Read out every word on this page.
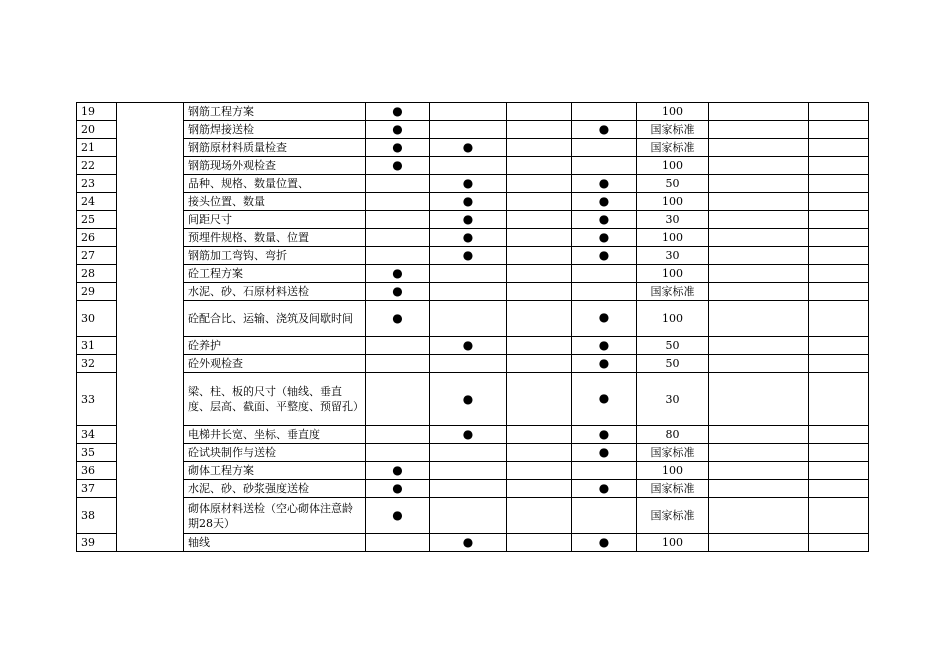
19		钢筋工程方案	●				100		
20		钢筋焊接送检	●			●	国家标准		
21		钢筋原材料质量检查	●	●			国家标准		
22		钢筋现场外观检查	●				100		
23		品种、规格、数量位置、		●		●	50		
24		接头位置、数量		●		●	100		
25		间距尺寸		●		●	30		
26		预埋件规格、数量、位置		●		●	100		
27		钢筋加工弯钩、弯折		●		●	30		
28		砼工程方案	●				100		
29		水泥、砂、石原材料送检	●				国家标准		
30		砼配合比、运输、浇筑及间歇时间	●			●	100		
31		砼养护		●		●	50		
32		砼外观检查				●	50		
33		梁、柱、板的尺寸（轴线、垂直度、层高、截面、平整度、预留孔）		●		●	30		
34		电梯井长宽、坐标、垂直度		●		●	80		
35		砼试块制作与送检				●	国家标准		
36		砌体工程方案	●				100		
37		水泥、砂、砂浆强度送检	●			●	国家标准		
38		砌体原材料送检（空心砌体注意龄期28天）	●				国家标准		
39		轴线		●		●	100		
